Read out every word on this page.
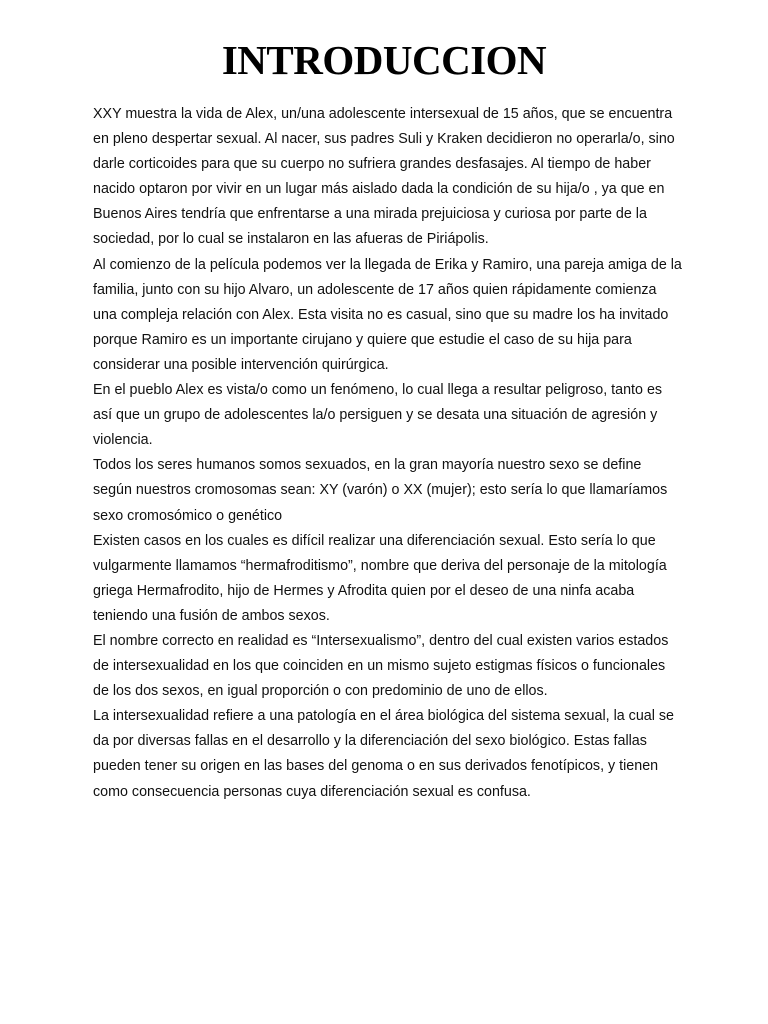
INTRODUCCION

XXY muestra la vida de Alex, un/una adolescente intersexual de 15 años, que se encuentra en pleno despertar sexual. Al nacer, sus padres Suli y Kraken decidieron no operarla/o, sino darle corticoides para que su cuerpo no sufriera grandes desfasajes. Al tiempo de haber nacido optaron por vivir en un lugar más aislado dada la condición de su hija/o , ya que en Buenos Aires tendría que enfrentarse a una mirada prejuiciosa y curiosa por parte de la sociedad, por lo cual se instalaron en las afueras de Piriápolis.

Al comienzo de la película podemos ver la llegada de Erika y Ramiro, una pareja amiga de la familia, junto con su hijo Alvaro, un adolescente de 17 años quien rápidamente comienza una compleja relación con Alex. Esta visita no es casual, sino que su madre los ha invitado porque Ramiro es un importante cirujano y quiere que estudie el caso de su hija para considerar una posible intervención quirúrgica.

En el pueblo Alex es vista/o como un fenómeno, lo cual llega a resultar peligroso, tanto es así que un grupo de adolescentes la/o persiguen y se desata una situación de agresión y violencia.

Todos los seres humanos somos sexuados, en la gran mayoría nuestro sexo se define según nuestros cromosomas sean: XY (varón) o XX (mujer); esto sería lo que llamaríamos sexo cromosómico o genético

Existen casos en los cuales es difícil realizar una diferenciación sexual. Esto sería lo que vulgarmente llamamos “hermafroditismo”, nombre que deriva del personaje de la mitología griega Hermafrodito, hijo de Hermes y Afrodita quien por el deseo de una ninfa acaba teniendo una fusión de ambos sexos.

El nombre correcto en realidad es “Intersexualismo”, dentro del cual existen varios estados de intersexualidad en los que coinciden en un mismo sujeto estigmas físicos o funcionales de los dos sexos, en igual proporción o con predominio de uno de ellos.

La intersexualidad refiere a una patología en el área biológica del sistema sexual, la cual se da por diversas fallas en el desarrollo y la diferenciación del sexo biológico. Estas fallas pueden tener su origen en las bases del genoma o en sus derivados fenotípicos, y tienen como consecuencia personas cuya diferenciación sexual es confusa.
